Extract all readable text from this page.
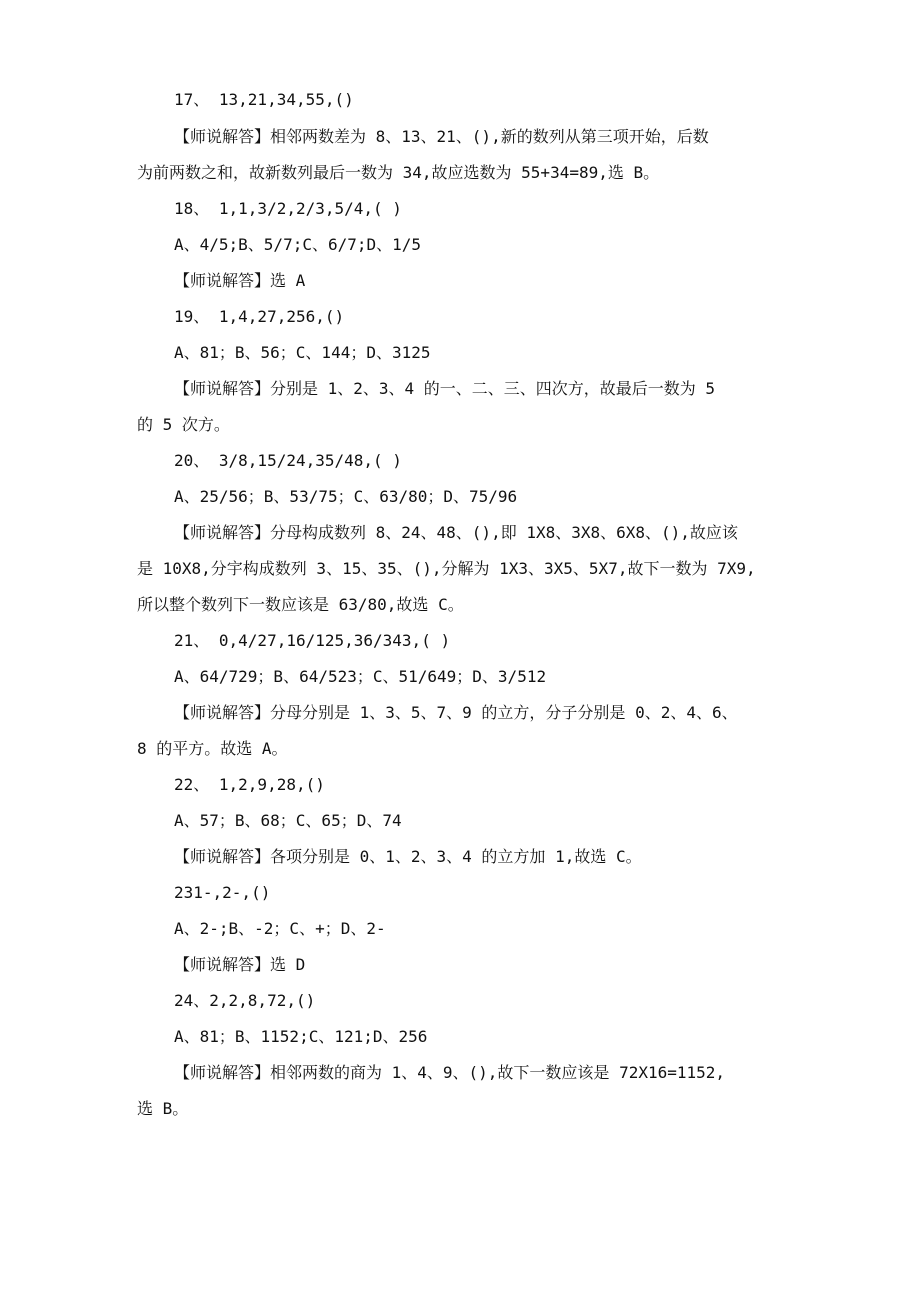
17、 13,21,34,55,()
【师说解答】相邻两数差为 8、13、21、(),新的数列从第三项开始，后数
为前两数之和，故新数列最后一数为 34,故应选数为 55+34=89,选 B。
18、 1,1,3/2,2/3,5/4,( )
A、4/5;B、5/7;C、6/7;D、1/5
【师说解答】选 A
19、 1,4,27,256,()
A、81；B、56；C、144；D、3125
【师说解答】分别是 1、2、3、4 的一、二、三、四次方，故最后一数为 5
的 5 次方。
20、 3/8,15/24,35/48,( )
A、25/56；B、53/75；C、63/80；D、75/96
【师说解答】分母构成数列 8、24、48、(),即 1X8、3X8、6X8、(),故应该
是 10X8,分宇构成数列 3、15、35、(),分解为 1X3、3X5、5X7,故下一数为 7X9,
所以整个数列下一数应该是 63/80,故选 C。
21、 0,4/27,16/125,36/343,( )
A、64/729；B、64/523；C、51/649；D、3/512
【师说解答】分母分别是 1、3、5、7、9 的立方，分子分别是 0、2、4、6、
8 的平方。故选 A。
22、 1,2,9,28,()
A、57；B、68；C、65；D、74
【师说解答】各项分别是 0、1、2、3、4 的立方加 1,故选 C。
231-,2-,()
A、2-;B、-2；C、+；D、2-
【师说解答】选 D
24、2,2,8,72,()
A、81；B、1152;C、121;D、256
【师说解答】相邻两数的商为 1、4、9、(),故下一数应该是 72X16=1152,
选 B。
